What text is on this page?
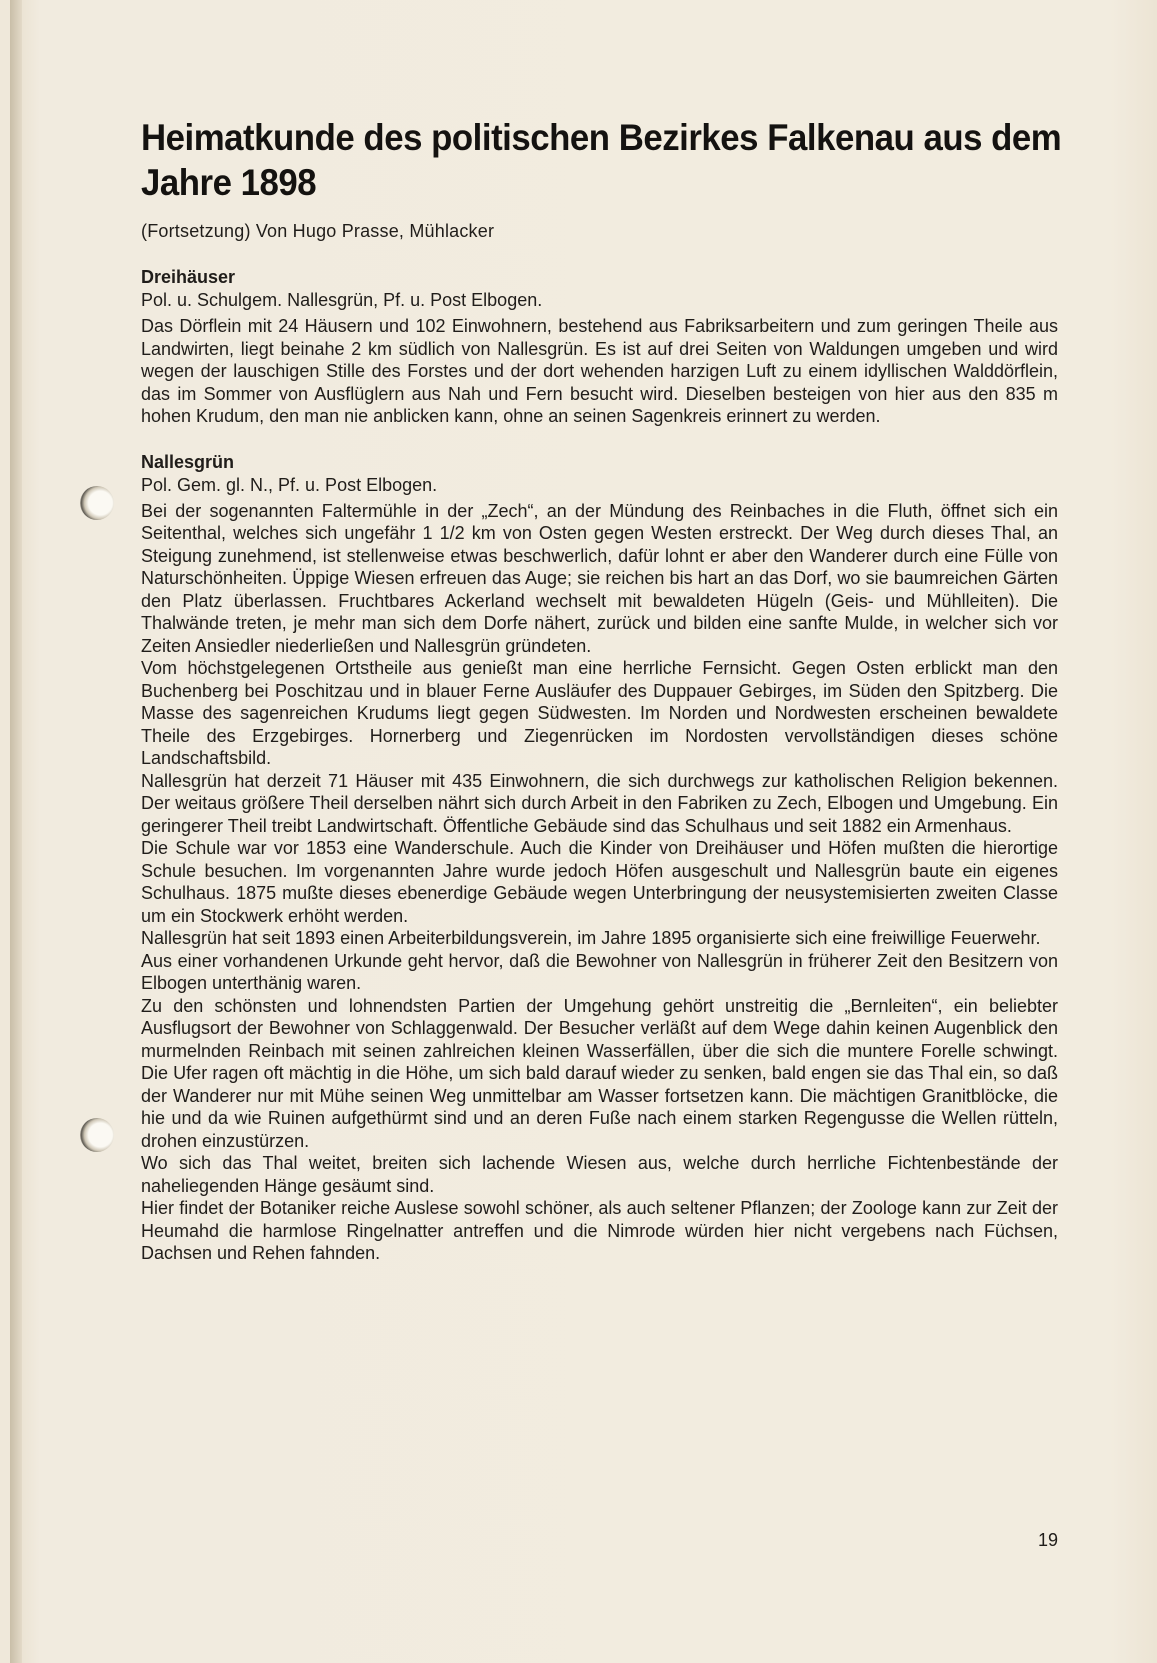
Heimatkunde des politischen Bezirkes Falkenau aus dem Jahre 1898
(Fortsetzung) Von Hugo Prasse, Mühlacker
Dreihäuser

Pol. u. Schulgem. Nallesgrün, Pf. u. Post Elbogen.

Das Dörflein mit 24 Häusern und 102 Einwohnern, bestehend aus Fabriksarbeitern und zum geringen Theile aus Landwirten, liegt beinahe 2 km südlich von Nallesgrün. Es ist auf drei Seiten von Waldungen umgeben und wird wegen der lauschigen Stille des Forstes und der dort wehenden harzigen Luft zu einem idyllischen Walddörflein, das im Sommer von Ausflüglern aus Nah und Fern besucht wird. Dieselben besteigen von hier aus den 835 m hohen Krudum, den man nie anblicken kann, ohne an seinen Sagenkreis erinnert zu werden.

Nallesgrün

Pol. Gem. gl. N., Pf. u. Post Elbogen.

Bei der sogenannten Faltermühle in der „Zech“, an der Mündung des Reinbaches in die Fluth, öffnet sich ein Seitenthal, welches sich ungefähr 1 1/2 km von Osten gegen Westen erstreckt. Der Weg durch dieses Thal, an Steigung zunehmend, ist stellenweise etwas beschwerlich, dafür lohnt er aber den Wanderer durch eine Fülle von Naturschönheiten. Üppige Wiesen erfreuen das Auge; sie reichen bis hart an das Dorf, wo sie baumreichen Gärten den Platz überlassen. Fruchtbares Ackerland wechselt mit bewaldeten Hügeln (Geis- und Mühlleiten). Die Thalwände treten, je mehr man sich dem Dorfe nähert, zurück und bilden eine sanfte Mulde, in welcher sich vor Zeiten Ansiedler niederließen und Nallesgrün gründeten.

Vom höchstgelegenen Ortstheile aus genießt man eine herrliche Fernsicht. Gegen Osten erblickt man den Buchenberg bei Poschitzau und in blauer Ferne Ausläufer des Duppauer Gebirges, im Süden den Spitzberg. Die Masse des sagenreichen Krudums liegt gegen Südwesten. Im Norden und Nordwesten erscheinen bewaldete Theile des Erzgebirges. Hornerberg und Ziegenrücken im Nordosten vervollständigen dieses schöne Landschaftsbild.

Nallesgrün hat derzeit 71 Häuser mit 435 Einwohnern, die sich durchwegs zur katholischen Religion bekennen. Der weitaus größere Theil derselben nährt sich durch Arbeit in den Fabriken zu Zech, Elbogen und Umgebung. Ein geringerer Theil treibt Landwirtschaft. Öffentliche Gebäude sind das Schulhaus und seit 1882 ein Armenhaus.

Die Schule war vor 1853 eine Wanderschule. Auch die Kinder von Dreihäuser und Höfen mußten die hierortige Schule besuchen. Im vorgenannten Jahre wurde jedoch Höfen ausgeschult und Nallesgrün baute ein eigenes Schulhaus. 1875 mußte dieses ebenerdige Gebäude wegen Unterbringung der neusystemisierten zweiten Classe um ein Stockwerk erhöht werden.

Nallesgrün hat seit 1893 einen Arbeiterbildungsverein, im Jahre 1895 organisierte sich eine freiwillige Feuerwehr.

Aus einer vorhandenen Urkunde geht hervor, daß die Bewohner von Nallesgrün in früherer Zeit den Besitzern von Elbogen unterthänig waren.

Zu den schönsten und lohnendsten Partien der Umgehung gehört unstreitig die „Bernleiten“, ein beliebter Ausflugsort der Bewohner von Schlaggenwald. Der Besucher verläßt auf dem Wege dahin keinen Augenblick den murmelnden Reinbach mit seinen zahlreichen kleinen Wasserfällen, über die sich die muntere Forelle schwingt. Die Ufer ragen oft mächtig in die Höhe, um sich bald darauf wieder zu senken, bald engen sie das Thal ein, so daß der Wanderer nur mit Mühe seinen Weg unmittelbar am Wasser fortsetzen kann. Die mächtigen Granitblöcke, die hie und da wie Ruinen aufgethürmt sind und an deren Fuße nach einem starken Regengusse die Wellen rütteln, drohen einzustürzen.

Wo sich das Thal weitet, breiten sich lachende Wiesen aus, welche durch herrliche Fichtenbestände der naheliegenden Hänge gesäumt sind.

Hier findet der Botaniker reiche Auslese sowohl schöner, als auch seltener Pflanzen; der Zoologe kann zur Zeit der Heumahd die harmlose Ringelnatter antreffen und die Nimrode würden hier nicht vergebens nach Füchsen, Dachsen und Rehen fahnden.

19
